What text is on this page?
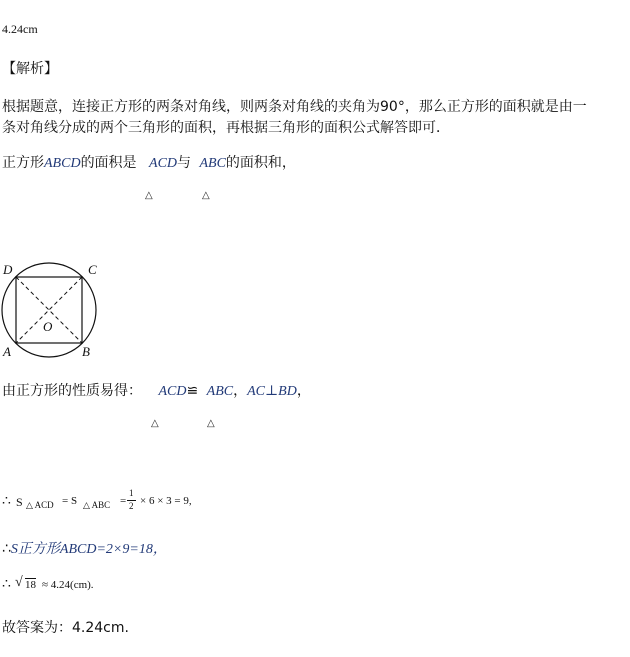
4.24cm
【解析】
根据题意，连接正方形的两条对角线，则两条对角线的夹角为90°，那么正方形的面积就是由一
条对角线分成的两个三角形的面积，再根据三角形的面积公式解答即可．
正方形ABCD的面积是 ACD与 ABC的面积和，
△	△
D	C
A	B
O
由正方形的性质易得： ACD≌ ABC，AC⊥BD，
△	△
∴ S △ ACD = S △ ABC =
1
2 × 6 × 3 = 9,
∴S正方形ABCD=2×9=18，
∴ √ 18 ≈ 4.24(cm).
故答案为：4.24cm.
